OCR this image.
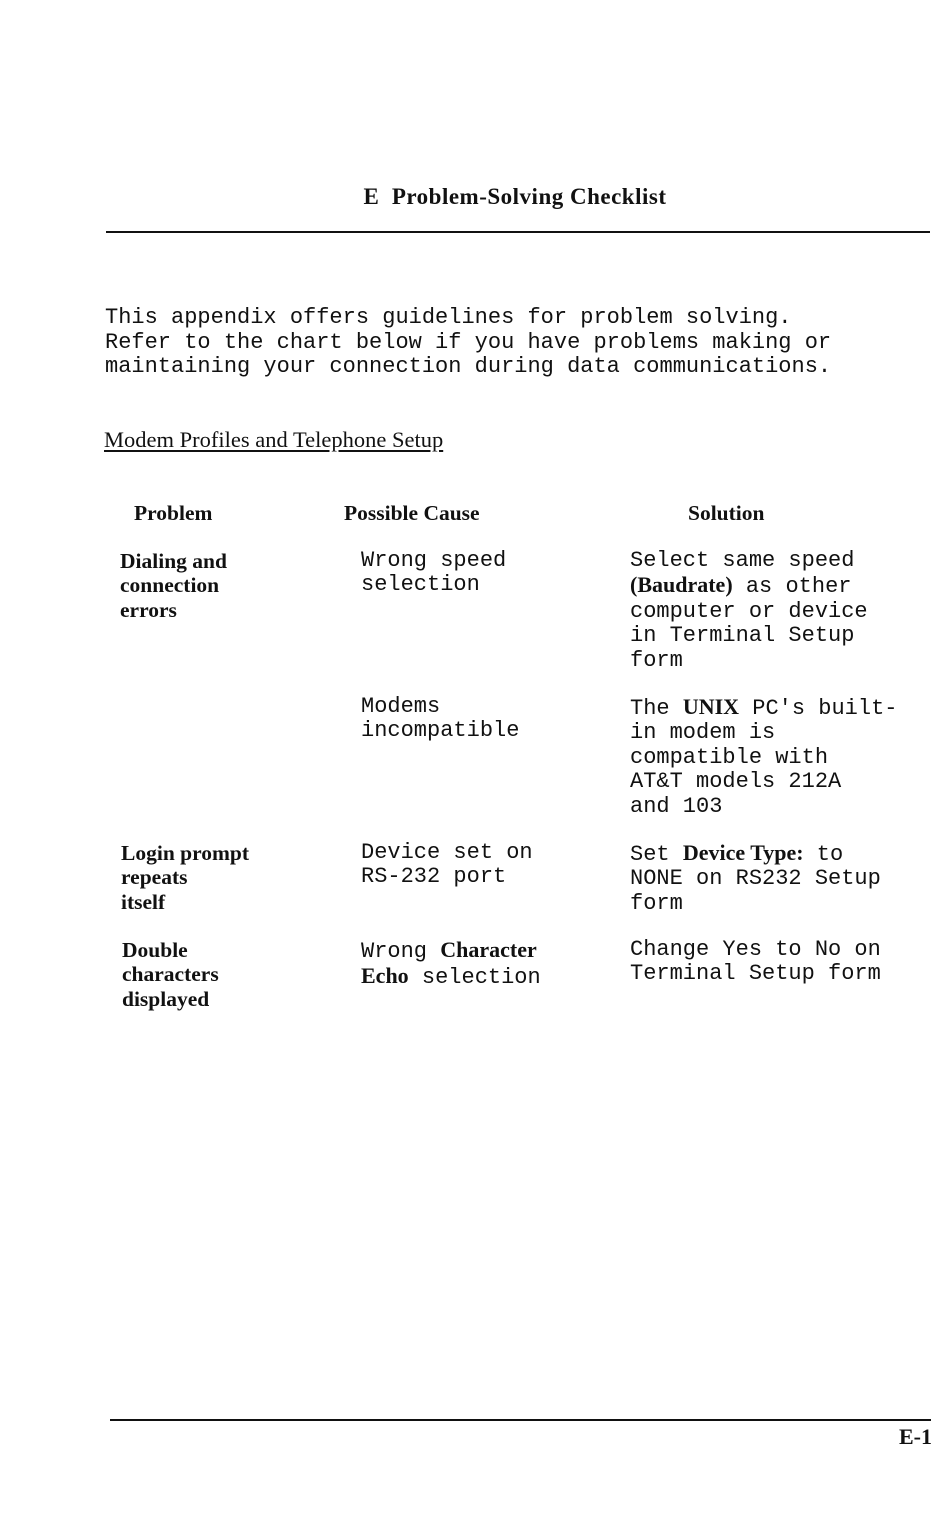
E  Problem-Solving Checklist
This appendix offers guidelines for problem solving.
Refer to the chart below if you have problems making or
maintaining your connection during data communications.
Modem Profiles and Telephone Setup
Problem	Possible Cause	Solution
Dialing and
connection
errors
Wrong speed
selection
Select same speed
(Baudrate) as other
computer or device
in Terminal Setup
form
Modems
incompatible
The UNIX PC's built-
in modem is
compatible with
AT&T models 212A
and 103
Login prompt
repeats
itself
Device set on
RS-232 port
Set Device Type: to
NONE on RS232 Setup
form
Double
characters
displayed
Wrong Character
Echo selection
Change Yes to No on
Terminal Setup form
E-1
